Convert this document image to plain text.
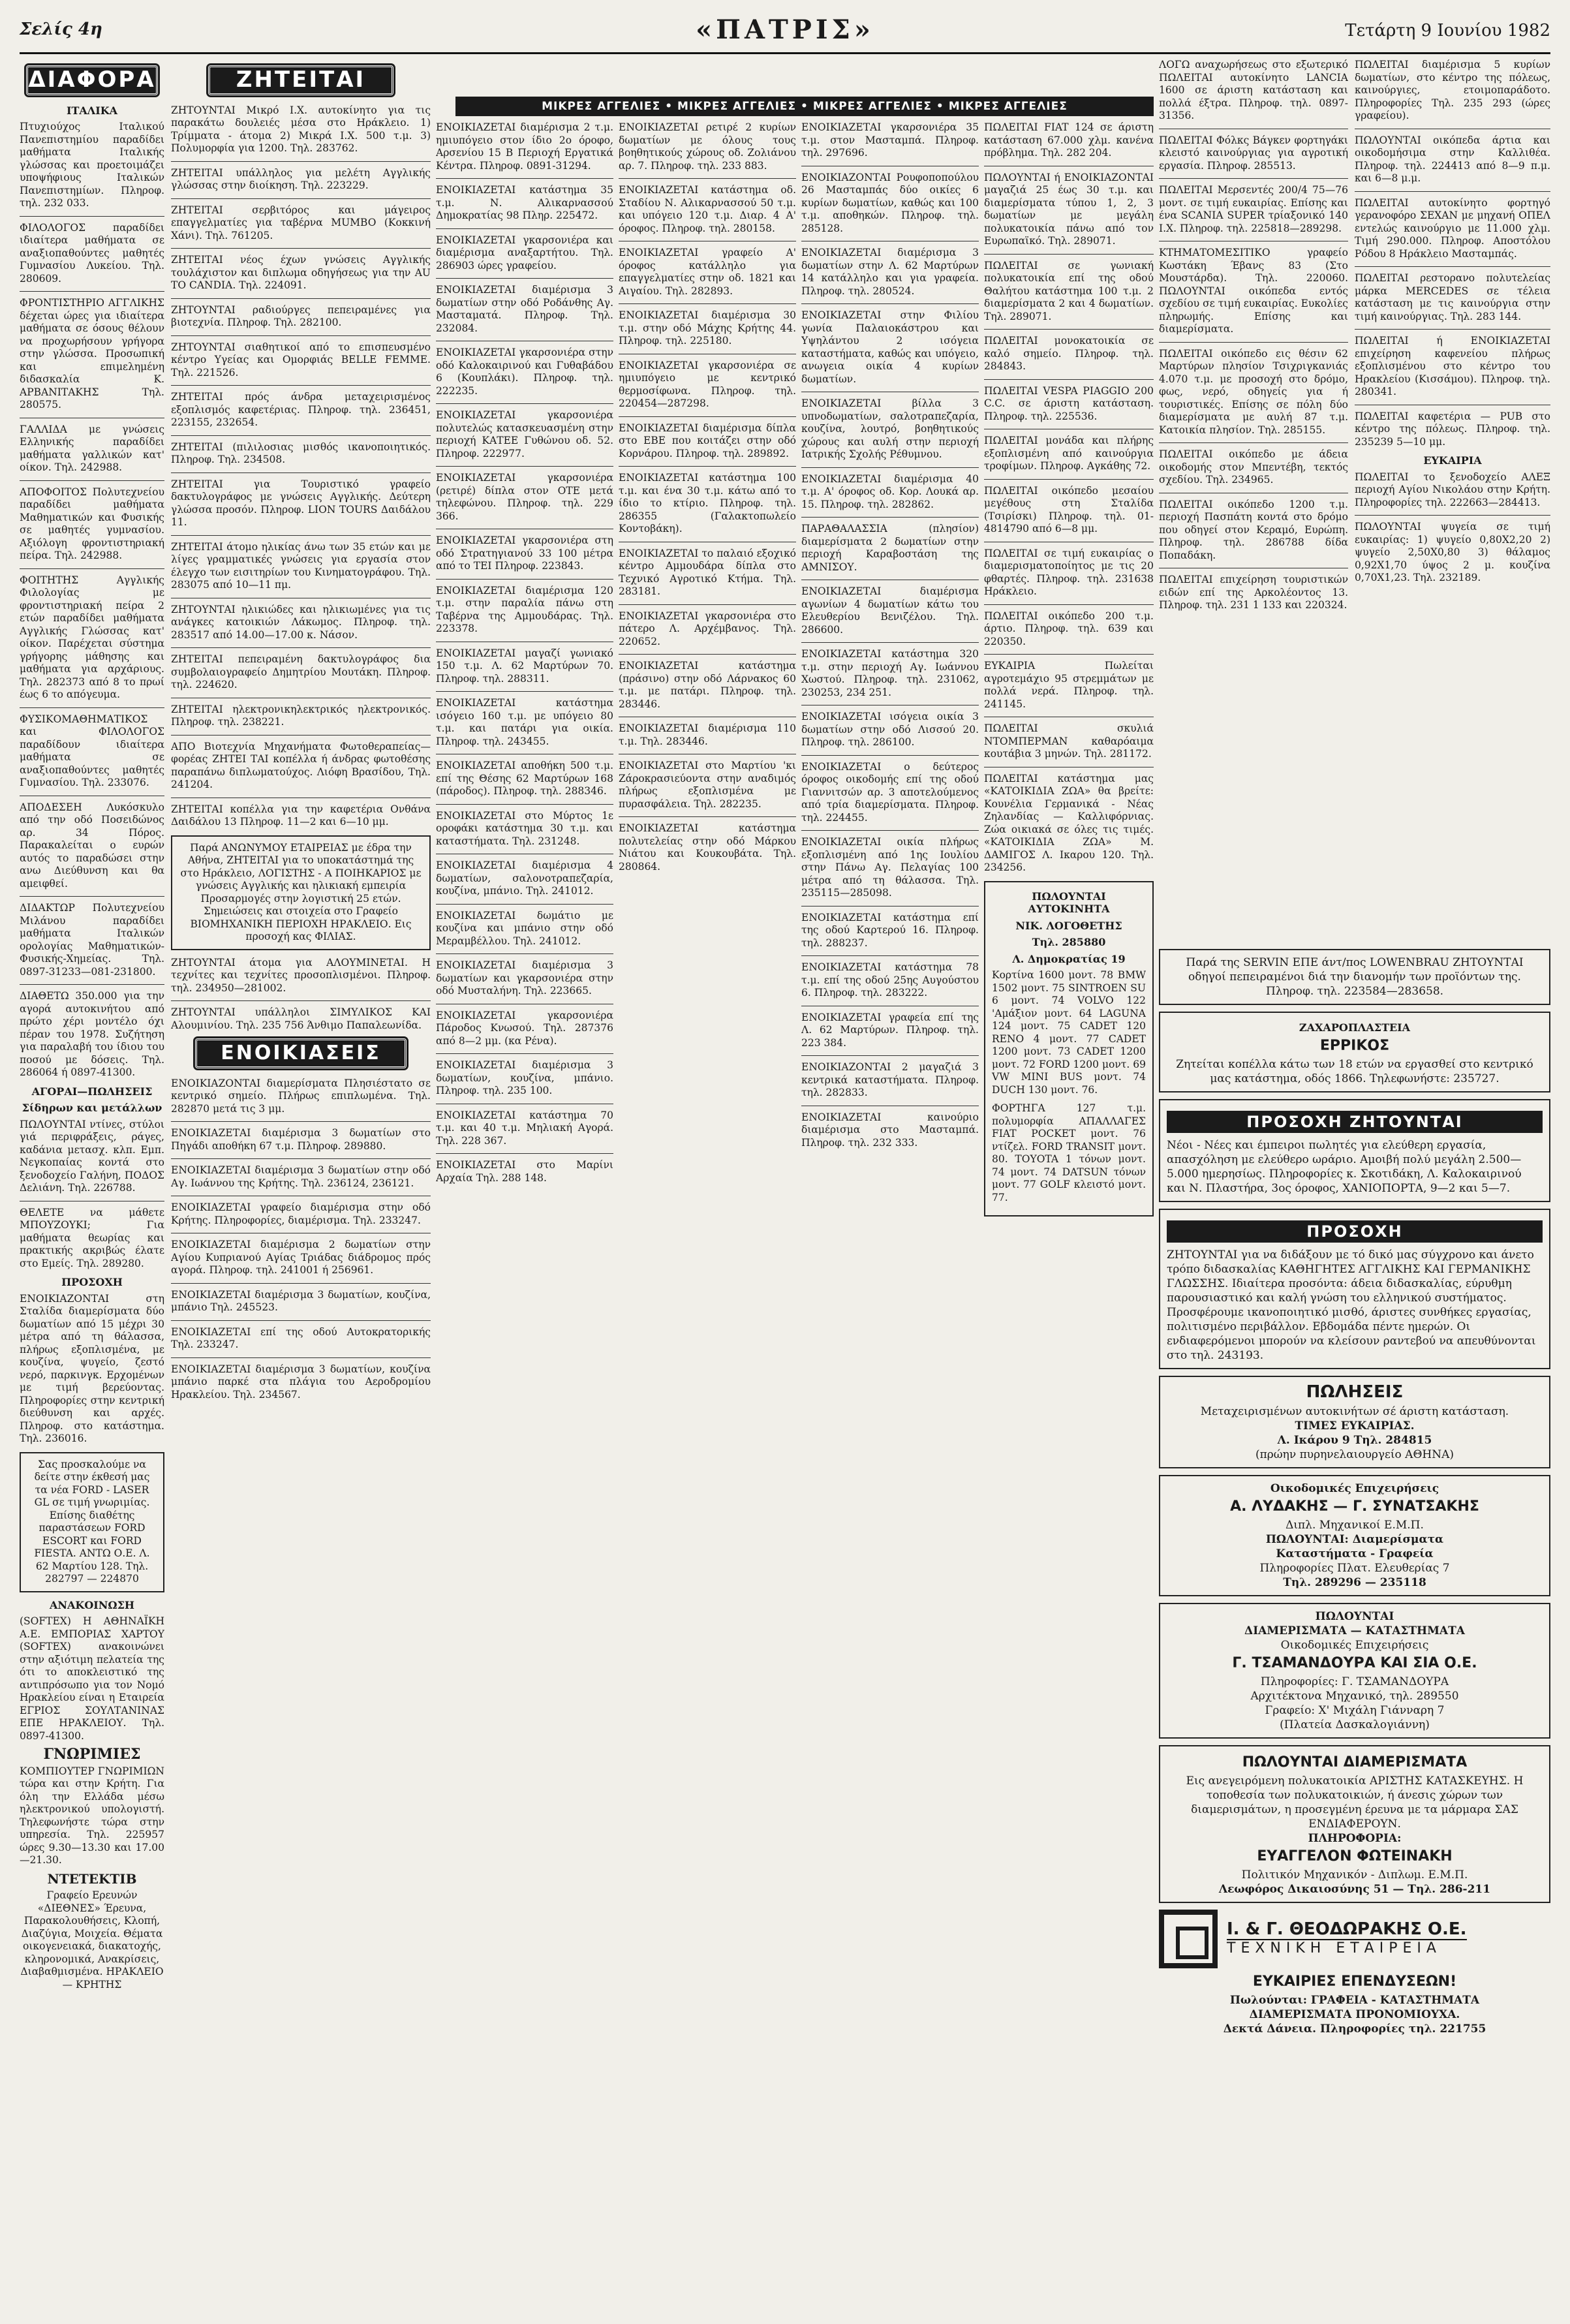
Σελίς 4η	«ΠΑΤΡΙΣ»	Τετάρτη 9 Ιουνίου 1982
ΜΙΚΡΕΣ ΑΓΓΕΛΙΕΣ • ΜΙΚΡΕΣ ΑΓΓΕΛΙΕΣ • ΜΙΚΡΕΣ ΑΓΓΕΛΙΕΣ • ΜΙΚΡΕΣ ΑΓΓΕΛΙΕΣ
ΔΙΑΦΟΡΑ
ΙΤΑΛΙΚΑ

Πτυχιούχος Ιταλικού Πανεπιστημίου παραδίδει μαθήματα Ιταλικής γλώσσας και προετοιμάζει υποψήφιους Ιταλικών Πανεπιστημίων. Πληροφ. τηλ. 232 033.

ΦΙΛΟΛΟΓΟΣ παραδίδει ιδιαίτερα μαθήματα σε αναξιοπαθούντες μαθητές Γυμνασίου Λυκείου. Τηλ. 280609.

ΦΡΟΝΤΙΣΤΗΡΙΟ ΑΓΓΛΙΚΗΣ δέχεται ώρες για ιδιαίτερα μαθήματα σε όσους θέλουν να προχωρήσουν γρήγορα στην γλώσσα. Προσωπική και επιμελημένη διδασκαλία Κ. ΑΡΒΑΝΙΤΑΚΗΣ Τηλ. 280575.

ΓΑΛΛΙΔΑ με γνώσεις Ελληνικής παραδίδει μαθήματα γαλλικών κατ' οίκον. Τηλ. 242988.

ΑΠΟΦΟΙΤΟΣ Πολυτεχνείου παραδίδει μαθήματα Μαθηματικών και Φυσικής σε μαθητές γυμνασίου. Αξιόλογη φροντιστηριακή πείρα. Τηλ. 242988.

ΦΟΙΤΗΤΗΣ Αγγλικής Φιλολογίας με φροντιστηριακή πείρα 2 ετών παραδίδει μαθήματα Αγγλικής Γλώσσας κατ' οίκον. Παρέχεται σύστημα γρήγορης μάθησης και μαθήματα για αρχάριους. Τηλ. 282373 από 8 το πρωί έως 6 το απόγευμα.

ΦΥΣΙΚΟΜΑΘΗΜΑΤΙΚΟΣ και ΦΙΛΟΛΟΓΟΣ παραδίδουν ιδιαίτερα μαθήματα σε αναξιοπαθούντες μαθητές Γυμνασίου. Τηλ. 233076.

ΑΠΟΔΕΣΕΗ Λυκόσκυλο από την οδό Ποσειδώνος αρ. 34 Πόρος. Παρακαλείται ο ευρών αυτός το παραδώσει στην ανω Διεύθυνση και θα αμειφθεί.

ΔΙΔΑΚΤΩΡ Πολυτεχνείου Μιλάνου παραδίδει μαθήματα Ιταλικών ορολογίας Μαθηματικών-Φυσικής-Χημείας. Τηλ. 0897-31233—081-231800.

ΔΙΑΘΕΤΩ 350.000 για την αγορά αυτοκινήτου από πρώτο χέρι μοντέλο όχι πέραν του 1978. Συζήτηση για παραλαβή του ίδιου του ποσού με δόσεις. Τηλ. 286064 ή 0897-41300.

ΑΓΟΡΑΙ—ΠΩΛΗΣΕΙΣ
Σίδηρων και μετάλλων

ΠΩΛΟΥΝΤΑΙ ντίνες, στύλοι γιά περιφράξεις, ράγες, καδάνια μετασχ. κλπ. Εμπ. Νεγκοπαίας κοντά στο ξενοδοχείο Γαλήνη, ΠΟΔΟΣ Δελιάνη. Τηλ. 226788.

ΘΕΛΕΤΕ να μάθετε ΜΠΟΥΖΟΥΚΙ; Για μαθήματα θεωρίας και πρακτικής ακριβώς έλατε στο Εμείς. Τηλ. 289280.

ΠΡΟΣΟΧΗ

ΕΝΟΙΚΙΑΖΟΝΤΑΙ στη Σταλίδα διαμερίσματα δύο δωματίων από 15 μέχρι 30 μέτρα από τη θάλασσα, πλήρως εξοπλισμένα, με κουζίνα, ψυγείο, ζεστό νερό, παρκινγκ. Ερχομένων με τιμή βερεύοντας. Πληροφορίες στην κεντρική διεύθυνση και αρχές. Πληροφ. στο κατάστημα. Τηλ. 236016.

Σας προσκαλούμε να δείτε στην έκθεσή μας τα νέα FORD - LASER GL σε τιμή γνωριμίας. Επίσης διαθέτης παραστάσεων FORD ESCORT και FORD FIESTA. ΑΝΤΩ Ο.Ε. Λ. 62 Μαρτίου 128. Τηλ. 282797 — 224870
ΑΝΑΚΟΙΝΩΣΗ

(SOFTEX) Η ΑΘΗΝΑΪΚΗ Α.Ε. ΕΜΠΟΡΙΑΣ ΧΑΡΤΟΥ (SOFTEX) ανακοινώνει στην αξιότιμη πελατεία της ότι το αποκλειστικό της αντιπρόσωπο για τον Νομό Ηρακλείου είναι η Εταιρεία ΕΓΡΙΟΣ ΣΟΥΛΤΑΝΙΝΑΣ ΕΠΕ ΗΡΑΚΛΕΙΟΥ. Τηλ. 0897-41300.

ΓΝΩΡΙΜΙΕΣ

ΚΟΜΠΙΟΥΤΕΡ ΓΝΩΡΙΜΙΩΝ τώρα και στην Κρήτη. Για όλη την Ελλάδα μέσω ηλεκτρονικού υπολογιστή. Τηλεφωνήστε τώρα στην υπηρεσία. Τηλ. 225957 ώρες 9.30—13.30 και 17.00—21.30.

ΝΤΕΤΕΚΤΙΒ

Γραφείο Ερευνών «ΔΙΕΘΝΕΣ» Έρευνα, Παρακολουθήσεις, Κλοπή, Διαζύγια, Μοιχεία. Θέματα οικογενειακά, διακατοχής, κληρονομικά, Ανακρίσεις, Διαβαθμισμένα. ΗΡΑΚΛΕΙΟ — ΚΡΗΤΗΣ

ΖΗΤΕΙΤΑΙ

ΖΗΤΟΥΝΤΑΙ Μικρό Ι.Χ. αυτοκίνητο για τις παρακάτω δουλειές μέσα στο Ηράκλειο. 1) Τρίμματα - άτομα 2) Μικρά Ι.Χ. 500 τ.μ. 3) Πολυμορφία για 1200. Τηλ. 283762.

ΖΗΤΕΙΤΑΙ υπάλληλος για μελέτη Αγγλικής γλώσσας στην διοίκηση. Τηλ. 223229.

ΖΗΤΕΙΤΑΙ σερβιτόρος και μάγειρος επαγγελματίες για ταβέρνα MUMBO (Κοκκινή Χάνι). Τηλ. 761205.

ΖΗΤΕΙΤΑΙ νέος έχων γνώσεις Αγγλικής τουλάχιστον και διπλωμα οδηγήσεως για την AU ΤΟ CANDIA. Τηλ. 224091.

ΖΗΤΟΥΝΤΑΙ ραδιούργες πεπειραμένες για βιοτεχνία. Πληροφ. Τηλ. 282100.

ΖΗΤΟΥΝΤΑΙ σιαθητικοί από το επισπευσμένο κέντρο Υγείας και Ομορφιάς BELLE FEMME. Τηλ. 221526.

ΖΗΤΕΙΤΑΙ πρός άνδρα μεταχειρισμένος εξοπλισμός καφετέριας. Πληροφ. τηλ. 236451, 223155, 232654.

ΖΗΤΕΙΤΑΙ (πιλιλοσιας μισθός ικανοποιητικός. Πληροφ. Τηλ. 234508.

ΖΗΤΕΙΤΑΙ για Τουριστικό γραφείο δακτυλογράφος με γνώσεις Αγγλικής. Δεύτερη γλώσσα προσόν. Πληροφ. LION TOURS Δαιδάλου 11.

ΖΗΤΕΙΤΑΙ άτομο ηλικίας άνω των 35 ετών και με λίγες γραμματικές γνώσεις για εργασία στον έλεγχο των εισιτηρίων του Κινηματογράφου. Τηλ. 283075 από 10—11 πμ.

ΖΗΤΟΥΝΤΑΙ ηλικιώδες και ηλικιωμένες για τις ανάγκες κατοικιών Λάκωμος. Πληροφ. τηλ. 283517 από 14.00—17.00 κ. Νάσον.

ΖΗΤΕΙΤΑΙ πεπειραμένη δακτυλογράφος δια συμβολαιογραφείο Δημητρίου Μουτάκη. Πληροφ. τηλ. 224620.

ΖΗΤΕΙΤΑΙ ηλεκτρονικηλεκτρικός ηλεκτρονικός. Πληροφ. τηλ. 238221.

ΑΠΟ Βιοτεχνία Μηχανήματα Φωτοθεραπείας—φορέας ΖΗΤΕΙ ΤΑΙ κοπέλλα ή άνδρας φωτοθέσης παραπάνω διπλωματούχος. Λιόφη Βρασίδου, Τηλ. 241204.

ΖΗΤΕΙΤΑΙ κοπέλλα για την καφετέρια Ονθάνα Δαιδάλου 13 Πληροφ. 11—2 και 6—10 μμ.

Παρά ΑΝΩΝΥΜΟΥ ΕΤΑΙΡΕΙΑΣ με έδρα την Αθήνα, ΖΗΤΕΙΤΑΙ για το υποκατάστημά της στο Ηράκλειο, ΛΟΓΙΣΤΗΣ - Α ΠΟΙΗΚΑΡΙΟΣ με γνώσεις Αγγλικής και ηλικιακή εμπειρία Προσαρμογές στην λογιστική 25 ετών. Σημειώσεις και στοιχεία στο Γραφείο ΒΙΟΜΗΧΑΝΙΚΗ ΠΕΡΙΟΧΗ ΗΡΑΚΛΕΙΟ. Εις προσοχή κας ΦΙΛΙΑΣ.

ΖΗΤΟΥΝΤΑΙ άτομα για ΑΛΟΥΜΙΝΕΤΑΙ. Η τεχνίτες και τεχνίτες προσοπλισμένοι. Πληροφ. τηλ. 234950—281002.

ΖΗΤΟΥΝΤΑΙ υπάλληλοι ΣΙΜΥΛΙΚΟΣ ΚΑΙ Αλουμινίου. Τηλ. 235 756 Άνθιμο Παπαλεωνίδα.

ΕΝΟΙΚΙΑΣΕΙΣ

ΕΝΟΙΚΙΑΖΟΝΤΑΙ διαμερίσματα Πλησιέστατο σε κεντρικό σημείο. Πλήρως επιπλωμένα. Τηλ. 282870 μετά τις 3 μμ.

ΕΝΟΙΚΙΑΖΕΤΑΙ διαμέρισμα 3 δωματίων στο Πηγάδι αποθήκη 67 τ.μ. Πληροφ. 289880.

ΕΝΟΙΚΙΑΖΕΤΑΙ διαμέρισμα 3 δωματίων στην οδό Αγ. Ιωάννου της Κρήτης. Τηλ. 236124, 236121.

ΕΝΟΙΚΙΑΖΕΤΑΙ γραφείο διαμέρισμα στην οδό Κρήτης. Πληροφορίες, διαμέρισμα. Τηλ. 233247.

ΕΝΟΙΚΙΑΖΕΤΑΙ διαμέρισμα 2 δωματίων στην Αγίου Κυπριανού Αγίας Τριάδας διάδρομος πρός αγορά. Πληροφ. τηλ. 241001 ή 256961.

ΕΝΟΙΚΙΑΖΕΤΑΙ διαμέρισμα 3 δωματίων, κουζίνα, μπάνιο Τηλ. 245523.

ΕΝΟΙΚΙΑΖΕΤΑΙ επί της οδού Αυτοκρατορικής Τηλ. 233247.

ΕΝΟΙΚΙΑΖΕΤΑΙ διαμέρισμα 3 δωματίων, κουζίνα μπάνιο παρκέ στα πλάγια του Αεροδρομίου Ηρακλείου. Τηλ. 234567.

ΕΝΟΙΚΙΑΖΕΤΑΙ διαμέρισμα 2 τ.μ. ημιυπόγειο στον ίδιο 2ο όροφο, Αρσενίου 15 Β Περιοχή Εργατικά Κέντρα. Πληροφ. 0891-31294.

ΕΝΟΙΚΙΑΖΕΤΑΙ κατάστημα 35 τ.μ. Ν. Αλικαρνασσού Δημοκρατίας 98 Πληρ. 225472.

ΕΝΟΙΚΙΑΖΕΤΑΙ γκαρσονιέρα και διαμέρισμα αναξαρτήτου. Τηλ. 286903 ώρες γραφείου.

ΕΝΟΙΚΙΑΖΕΤΑΙ διαμέρισμα 3 δωματίων στην οδό Ροδάνθης Αγ. Μασταματά. Πληροφ. Τηλ. 232084.

ΕΝΟΙΚΙΑΖΕΤΑΙ γκαρσονιέρα στην οδό Καλοκαιρινού και Γυθαβάδου 6 (Κουπλάκι). Πληροφ. τηλ. 222235.

ΕΝΟΙΚΙΑΖΕΤΑΙ γκαρσονιέρα πολυτελώς κατασκευασμένη στην περιοχή ΚΑΤΕΕ Γυθώνου οδ. 52. Πληροφ. 222977.

ΕΝΟΙΚΙΑΖΕΤΑΙ γκαρσονιέρα (ρετιρέ) δίπλα στον ΟΤΕ μετά τηλεφώνου. Πληροφ. τηλ. 229 366.

ΕΝΟΙΚΙΑΖΕΤΑΙ γκαρσονιέρα στη οδό Στρατηγιανού 33 100 μέτρα από το ΤΕΙ Πληροφ. 223843.

ΕΝΟΙΚΙΑΖΕΤΑΙ διαμέρισμα 120 τ.μ. στην παραλία πάνω στη Ταβέρνα της Αμμουδάρας. Τηλ. 223378.

ΕΝΟΙΚΙΑΖΕΤΑΙ μαγαζί γωνιακό 150 τ.μ. Λ. 62 Μαρτύρων 70. Πληροφ. τηλ. 288311.

ΕΝΟΙΚΙΑΖΕΤΑΙ κατάστημα ισόγειο 160 τ.μ. με υπόγειο 80 τ.μ. και πατάρι για οικία. Πληροφ. τηλ. 243455.

ΕΝΟΙΚΙΑΖΕΤΑΙ αποθήκη 500 τ.μ. επί της Θέσης 62 Μαρτύρων 168 (πάροδος). Πληροφ. τηλ. 288346.

ΕΝΟΙΚΙΑΖΕΤΑΙ στο Μύρτος 1ε οροφάκι κατάστημα 30 τ.μ. και καταστήματα. Τηλ. 231248.

ΕΝΟΙΚΙΑΖΕΤΑΙ διαμέρισμα 4 δωματίων, σαλονοτραπεζαρία, κουζίνα, μπάνιο. Τηλ. 241012.

ΕΝΟΙΚΙΑΖΕΤΑΙ δωμάτιο με κουζίνα και μπάνιο στην οδό Μεραμβέλλου. Τηλ. 241012.

ΕΝΟΙΚΙΑΖΕΤΑΙ διαμέρισμα 3 δωματίων και γκαρσονιέρα στην οδό Μυσταλήνη. Τηλ. 223665.

ΕΝΟΙΚΙΑΖΕΤΑΙ γκαρσονιέρα Πάροδος Κνωσού. Τηλ. 287376 από 8—2 μμ. (κα Ρένα).

ΕΝΟΙΚΙΑΖΕΤΑΙ διαμέρισμα 3 δωματίων, κουζίνα, μπάνιο. Πληροφ. τηλ. 235 100.

ΕΝΟΙΚΙΑΖΕΤΑΙ κατάστημα 70 τ.μ. και 40 τ.μ. Μηλιακή Αγορά. Τηλ. 228 367.

ΕΝΟΙΚΙΑΖΕΤΑΙ στο Μαρίνι Αρχαία Τηλ. 288 148.

ΕΝΟΙΚΙΑΖΕΤΑΙ ρετιρέ 2 κυρίων δωματίων με όλους τους βοηθητικούς χώρους οδ. Ζολιάνου αρ. 7. Πληροφ. τηλ. 233 883.

ΕΝΟΙΚΙΑΖΕΤΑΙ κατάστημα οδ. Σταδίου Ν. Αλικαρνασσού 50 τ.μ. και υπόγειο 120 τ.μ. Διαρ. 4 Α' όροφος. Πληροφ. τηλ. 280158.

ΕΝΟΙΚΙΑΖΕΤΑΙ γραφείο Α' όροφος κατάλληλο για επαγγελματίες στην οδ. 1821 και Αιγαίου. Τηλ. 282893.

ΕΝΟΙΚΙΑΖΕΤΑΙ διαμέρισμα 30 τ.μ. στην οδό Μάχης Κρήτης 44. Πληροφ. τηλ. 225180.

ΕΝΟΙΚΙΑΖΕΤΑΙ γκαρσονιέρα σε ημιυπόγειο με κεντρικό θερμοσίφωνα. Πληροφ. τηλ. 220454—287298.

ΕΝΟΙΚΙΑΖΕΤΑΙ διαμέρισμα δίπλα στο ΕΒΕ που κοιτάζει στην οδό Κορνάρου. Πληροφ. τηλ. 289892.

ΕΝΟΙΚΙΑΖΕΤΑΙ κατάστημα 100 τ.μ. και ένα 30 τ.μ. κάτω από το ίδιο το κτίριο. Πληροφ. τηλ. 286355 (Γαλακτοπωλείο Κοντοβάκη).

ΕΝΟΙΚΙΑΖΕΤΑΙ το παλαιό εξοχικό κέντρο Αμμουδάρα δίπλα στο Τεχνικό Αγροτικό Κτήμα. Τηλ. 283181.

ΕΝΟΙΚΙΑΖΕΤΑΙ γκαρσονιέρα στο πάτερο Λ. Αρχέμβανος. Τηλ. 220652.

ΕΝΟΙΚΙΑΖΕΤΑΙ κατάστημα (πράσινο) στην οδό Λάρνακος 60 τ.μ. με πατάρι. Πληροφ. τηλ. 283446.

ΕΝΟΙΚΙΑΖΕΤΑΙ διαμέρισμα 110 τ.μ. Τηλ. 283446.

ΕΝΟΙΚΙΑΖΕΤΑΙ στο Μαρτίου 'κι Ζάροκρασιεύοντα στην αναδιμός πλήρως εξοπλισμένα με πυρασφάλεια. Τηλ. 282235.

ΕΝΟΙΚΙΑΖΕΤΑΙ κατάστημα πολυτελείας στην οδό Μάρκου Νιάτου και Κουκουβάτα. Τηλ. 280864.

ΕΝΟΙΚΙΑΖΕΤΑΙ γκαρσονιέρα 35 τ.μ. στον Μασταμπά. Πληροφ. τηλ. 297696.

ΕΝΟΙΚΙΑΖΟΝΤΑΙ Ρουφοποπούλου 26 Μασταμπάς δύο οικίες 6 κυρίων δωματίων, καθώς και 100 τ.μ. αποθηκών. Πληροφ. τηλ. 285128.

ΕΝΟΙΚΙΑΖΕΤΑΙ διαμέρισμα 3 δωματίων στην Λ. 62 Μαρτύρων 14 κατάλληλο και για γραφεία. Πληροφ. τηλ. 280524.

ΕΝΟΙΚΙΑΖΕΤΑΙ στην Φιλίου γωνία Παλαιοκάστρου και Υψηλάντου 2 ισόγεια καταστήματα, καθώς και υπόγειο, ανωγεια οικία 4 κυρίων δωματίων.

ΕΝΟΙΚΙΑΖΕΤΑΙ βίλλα 3 υπνοδωματίων, σαλοτραπεζαρία, κουζίνα, λουτρό, βοηθητικούς χώρους και αυλή στην περιοχή Ιατρικής Σχολής Ρέθυμνου.

ΕΝΟΙΚΙΑΖΕΤΑΙ διαμέρισμα 40 τ.μ. Α' όροφος οδ. Κορ. Λουκά αρ. 15. Πληροφ. τηλ. 282862.

ΠΑΡΑΘΑΛΑΣΣΙΑ (πλησίον) διαμερίσματα 2 δωματίων στην περιοχή Καραβοστάση της ΑΜΝΙΣΟΥ.

ΕΝΟΙΚΙΑΖΕΤΑΙ διαμέρισμα αγωνίων 4 δωματίων κάτω του Ελευθερίου Βενιζέλου. Τηλ. 286600.

ΕΝΟΙΚΙΑΖΕΤΑΙ κατάστημα 320 τ.μ. στην περιοχή Αγ. Ιωάννου Χωστού. Πληροφ. τηλ. 231062, 230253, 234 251.

ΕΝΟΙΚΙΑΖΕΤΑΙ ισόγεια οικία 3 δωματίων στην οδό Λισσού 20. Πληροφ. τηλ. 286100.

ΕΝΟΙΚΙΑΖΕΤΑΙ ο δεύτερος όροφος οικοδομής επί της οδού Γιαννιτσών αρ. 3 αποτελούμενος από τρία διαμερίσματα. Πληροφ. τηλ. 224455.

ΕΝΟΙΚΙΑΖΕΤΑΙ οικία πλήρως εξοπλισμένη από 1ης Ιουλίου στην Πάνω Αγ. Πελαγίας 100 μέτρα από τη θάλασσα. Τηλ. 235115—285098.

ΕΝΟΙΚΙΑΖΕΤΑΙ κατάστημα επί της οδού Καρτερού 16. Πληροφ. τηλ. 288237.

ΕΝΟΙΚΙΑΖΕΤΑΙ κατάστημα 78 τ.μ. επί της οδού 25ης Αυγούστου 6. Πληροφ. τηλ. 283222.

ΕΝΟΙΚΙΑΖΕΤΑΙ γραφεία επί της Λ. 62 Μαρτύρων. Πληροφ. τηλ. 223 384.

ΕΝΟΙΚΙΑΖΟΝΤΑΙ 2 μαγαζιά 3 κεντρικά καταστήματα. Πληροφ. τηλ. 282833.

ΕΝΟΙΚΙΑΖΕΤΑΙ καινούριο διαμέρισμα στο Μασταμπά. Πληροφ. τηλ. 232 333.

ΠΩΛΕΙΤΑΙ FIAT 124 σε άριστη κατάσταση 67.000 χλμ. κανένα πρόβλημα. Τηλ. 282 204.

ΠΩΛΟΥΝΤΑΙ ή ΕΝΟΙΚΙΑΖΟΝΤΑΙ μαγαζιά 25 έως 30 τ.μ. και διαμερίσματα τύπου 1, 2, 3 δωματίων με μεγάλη πολυκατοικία πάνω από τον Ευρωπαϊκό. Τηλ. 289071.

ΠΩΛΕΙΤΑΙ σε γωνιακή πολυκατοικία επί της οδού Θαλήτου κατάστημα 100 τ.μ. 2 διαμερίσματα 2 και 4 δωματίων. Τηλ. 289071.

ΠΩΛΕΙΤΑΙ μονοκατοικία σε καλό σημείο. Πληροφ. τηλ. 284843.

ΠΩΛΕΙΤΑΙ VESPA PIAGGIO 200 C.C. σε άριστη κατάσταση. Πληροφ. τηλ. 225536.

ΠΩΛΕΙΤΑΙ μονάδα και πλήρης εξοπλισμένη από καινούργια τροφίμων. Πληροφ. Αγκάθης 72.

ΠΩΛΕΙΤΑΙ οικόπεδο μεσαίου μεγέθους στη Σταλίδα (Τσιρίσκι) Πληροφ. τηλ. 01-4814790 από 6—8 μμ.

ΠΩΛΕΙΤΑΙ σε τιμή ευκαιρίας ο διαμερισματοποίητος με τις 20 φθαρτές. Πληροφ. τηλ. 231638 Ηράκλειο.

ΠΩΛΕΙΤΑΙ οικόπεδο 200 τ.μ. άρτιο. Πληροφ. τηλ. 639 και 220350.

ΕΥΚΑΙΡΙΑ Πωλείται αγροτεμάχιο 95 στρεμμάτων με πολλά νερά. Πληροφ. τηλ. 241145.

ΠΩΛΕΙΤΑΙ σκυλιά ΝΤΟΜΠΕΡΜΑΝ καθαρόαιμα κουτάβια 3 μηνών. Τηλ. 281172.

ΠΩΛΕΙΤΑΙ κατάστημα μας «ΚΑΤΟΙΚΙΔΙΑ ΖΩΑ» θα βρείτε: Κουνέλια Γερμανικά - Νέας Ζηλανδίας — Καλλιφόρνιας. Ζώα οικιακά σε όλες τις τιμές. «ΚΑΤΟΙΚΙΔΙΑ ΖΩΑ» Μ. ΔΑΜΙΓΟΣ Λ. Ικαρου 120. Τηλ. 234256.

ΠΩΛΟΥΝΤΑΙ ΑΥΤΟΚΙΝΗΤΑ
ΝΙΚ. ΛΟΓΟΘΕΤΗΣ
Τηλ. 285880
Λ. Δημοκρατίας 19

Κορτίνα 1600 μοντ. 78 BMW 1502 μοντ. 75 SINTROEN SU 6 μοντ. 74 VOLVO 122 'Αμάξιον μοντ. 64 LAGUNA 124 μοντ. 75 CADET 120 RENO 4 μοντ. 77 CADET 1200 μοντ. 73 CADET 1200 μοντ. 72 FORD 1200 μοντ. 69 VW MINI BUS μοντ. 74 DUCH 130 μοντ. 76.

ΦΟΡΤΗΓΑ 127 τ.μ. πολυμορφία ΑΠΑΛΛΑΓΕΣ FIAT POCKET μοντ. 76 ντίζελ. FORD TRANSIT μοντ. 80. TOYOTA 1 τόνων μοντ. 74 μοντ. 74 DATSUN τόνων μοντ. 77 GOLF κλειστό μοντ. 77.

ΛΟΓΩ αναχωρήσεως στο εξωτερικό ΠΩΛΕΙΤΑΙ αυτοκίνητο LANCIA 1600 σε άριστη κατάσταση και πολλά έξτρα. Πληροφ. τηλ. 0897-31356.

ΠΩΛΕΙΤΑΙ Φόλκς Βάγκεν φορτηγάκι κλειστό καινούργιας για αγροτική εργασία. Πληροφ. 285513.

ΠΩΛΕΙΤΑΙ Μερσεντές 200/4 75—76 μοντ. σε τιμή ευκαιρίας. Επίσης και ένα SCANIA SUPER τρίαξονικό 140 Ι.Χ. Πληροφ. τηλ. 225818—289298.

ΚΤΗΜΑΤΟΜΕΣΙΤΙΚΟ γραφείο Κωστάκη Έβανς 83 (Στο Μουστάρδα). Τηλ. 220060. ΠΩΛΟΥΝΤΑΙ οικόπεδα εντός σχεδίου σε τιμή ευκαιρίας. Ευκολίες πληρωμής. Επίσης και διαμερίσματα.

ΠΩΛΕΙΤΑΙ οικόπεδο εις θέσιν 62 Μαρτύρων πλησίον Τσιχριγκανιάς 4.070 τ.μ. με προσοχή στο δρόμο, φως, νερό, οδηγείς για ή τουριστικές. Επίσης σε πόλη δύο διαμερίσματα με αυλή 87 τ.μ. Κατοικία πλησίον. Τηλ. 285155.

ΠΩΛΕΙΤΑΙ οικόπεδο με άδεια οικοδομής στον Μπεντέβη, τεκτός σχεδίου. Τηλ. 234965.

ΠΩΛΕΙΤΑΙ οικόπεδο 1200 τ.μ. περιοχή Πασπάτη κοντά στο δρόμο που οδηγεί στον Κεραμό, Ευρώπη. Πληροφ. τηλ. 286788 δίδα Ποπαδάκη.

ΠΩΛΕΙΤΑΙ επιχείρηση τουριστικών ειδών επί της Αρκολέοντος 13. Πληροφ. τηλ. 231 1 133 και 220324.

ΠΩΛΕΙΤΑΙ διαμέρισμα 5 κυρίων δωματίων, στο κέντρο της πόλεως, καινούργιες, ετοιμοπαράδοτο. Πληροφορίες Τηλ. 235 293 (ώρες γραφείου).

ΠΩΛΟΥΝΤΑΙ οικόπεδα άρτια και οικοδομήσιμα στην Καλλιθέα. Πληροφ. τηλ. 224413 από 8—9 π.μ. και 6—8 μ.μ.

ΠΩΛΕΙΤΑΙ αυτοκίνητο φορτηγό γερανοφόρο ΣΕΧΑΝ με μηχανή ΟΠΕΛ εντελώς καινούργιο με 11.000 χλμ. Τιμή 290.000. Πληροφ. Αποστόλου Ρόδου 8 Ηράκλειο Μασταμπάς.

ΠΩΛΕΙΤΑΙ ρεστορανο πολυτελείας μάρκα MERCEDES σε τέλεια κατάσταση με τις καινούργια στην τιμή καινούργιας. Τηλ. 283 144.

ΠΩΛΕΙΤΑΙ ή ΕΝΟΙΚΙΑΖΕΤΑΙ επιχείρηση καφενείου πλήρως εξοπλισμένου στο κέντρο του Ηρακλείου (Κισσάμου). Πληροφ. τηλ. 280341.

ΠΩΛΕΙΤΑΙ καφετέρια — PUB στο κέντρο της πόλεως. Πληροφ. τηλ. 235239 5—10 μμ.

ΕΥΚΑΙΡΙΑ

ΠΩΛΕΙΤΑΙ το ξενοδοχείο ΑΛΕΞ περιοχή Αγίου Νικολάου στην Κρήτη. Πληροφορίες τηλ. 222663—284413.

ΠΩΛΟΥΝΤΑΙ ψυγεία σε τιμή ευκαιρίας: 1) ψυγείο 0,80Χ2,20 2) ψυγείο 2,50Χ0,80 3) θάλαμος 0,92Χ1,70 ύψος 2 μ. κουζίνα 0,70Χ1,23. Τηλ. 232189.

Παρά της SERVIN ΕΠΕ άντ/πος LOWENBRAU ΖΗΤΟΥΝΤΑΙ οδηγοί πεπειραμένοι διά την διανομήν των προϊόντων της. Πληροφ. τηλ. 223584—283658.
ΖΑΧΑΡΟΠΛΑΣΤΕΙΑ
ΕΡΡΙΚΟΣ
Ζητείται κοπέλλα κάτω των 18 ετών να εργασθεί στο κεντρικό μας κατάστημα, οδός 1866. Τηλεφωνήστε: 235727.
ΠΡΟΣΟΧΗ ΖΗΤΟΥΝΤΑΙ
Νέοι - Νέες και έμπειροι πωλητές για ελεύθερη εργασία, απασχόληση με ελεύθερο ωράριο. Αμοιβή πολύ μεγάλη 2.500—5.000 ημερησίως. Πληροφορίες κ. Σκοτιδάκη, Λ. Καλοκαιρινού και Ν. Πλαστήρα, 3ος όροφος, ΧΑΝΙΟΠΟΡΤΑ, 9—2 και 5—7.
ΠΡΟΣΟΧΗ
ΖΗΤΟΥΝΤΑΙ για να διδάξουν με τό δικό μας σύγχρονο και άνετο τρόπο διδασκαλίας ΚΑΘΗΓΗΤΕΣ ΑΓΓΛΙΚΗΣ ΚΑΙ ΓΕΡΜΑΝΙΚΗΣ ΓΛΩΣΣΗΣ. Ιδιαίτερα προσόντα: άδεια διδασκαλίας, εύρυθμη παρουσιαστικό και καλή γνώση του ελληνικού συστήματος. Προσφέρουμε ικανοποιητικό μισθό, άριστες συνθήκες εργασίας, πολιτισμένο περιβάλλον. Εβδομάδα πέντε ημερών. Οι ενδιαφερόμενοι μπορούν να κλείσουν ραντεβού να απευθύνονται στο τηλ. 243193.
ΠΩΛΗΣΕΙΣ
Μεταχειρισμένων αυτοκινήτων σέ άριστη κατάσταση.
ΤΙΜΕΣ ΕΥΚΑΙΡΙΑΣ.
Λ. Ικάρου 9 Τηλ. 284815
(πρώην πυρηνελαιουργείο ΑΘΗΝΑ)
Οικοδομικές Επιχειρήσεις
Α. ΛΥΔΑΚΗΣ — Γ. ΣΥΝΑΤΣΑΚΗΣ
Διπλ. Μηχανικοί Ε.Μ.Π.
ΠΩΛΟΥΝΤΑΙ: Διαμερίσματα
Καταστήματα - Γραφεία
Πληροφορίες Πλατ. Ελευθερίας 7
Τηλ. 289296 — 235118
ΠΩΛΟΥΝΤΑΙ
ΔΙΑΜΕΡΙΣΜΑΤΑ — ΚΑΤΑΣΤΗΜΑΤΑ
Οικοδομικές Επιχειρήσεις
Γ. ΤΣΑΜΑΝΔΟΥΡΑ ΚΑΙ ΣΙΑ Ο.Ε.
Πληροφορίες: Γ. ΤΣΑΜΑΝΔΟΥΡΑ
Αρχιτέκτονα Μηχανικό, τηλ. 289550
Γραφείο: Χ' Μιχάλη Γιάνναρη 7
(Πλατεία Δασκαλογιάννη)
ΠΩΛΟΥΝΤΑΙ ΔΙΑΜΕΡΙΣΜΑΤΑ
Εις ανεγειρόμενη πολυκατοικία ΑΡΙΣΤΗΣ ΚΑΤΑΣΚΕΥΗΣ. Η τοποθεσία των πολυκατοικιών, ή άνεσις χώρων των διαμερισμάτων, η προσεγμένη έρευνα με τα μάρμαρα ΣΑΣ ΕΝΔΙΑΦΕΡΟΥΝ.
ΠΛΗΡΟΦΟΡΙΑ:
ΕΥΑΓΓΕΛΟΝ ΦΩΤΕΙΝΑΚΗ
Πολιτικόν Μηχανικόν - Διπλωμ. Ε.Μ.Π.
Λεωφόρος Δικαιοσύνης 51 — Τηλ. 286-211
Ι. & Γ. ΘΕΟΔΩΡΑΚΗΣ Ο.Ε.
ΤΕΧΝΙΚΗ ΕΤΑΙΡΕΙΑ
ΕΥΚΑΙΡΙΕΣ ΕΠΕΝΔΥΣΕΩΝ!
Πωλούνται: ΓΡΑΦΕΙΑ - ΚΑΤΑΣΤΗΜΑΤΑ
ΔΙΑΜΕΡΙΣΜΑΤΑ ΠΡΟΝΟΜΙΟΥΧΑ.
Δεκτά Δάνεια. Πληροφορίες τηλ. 221755
